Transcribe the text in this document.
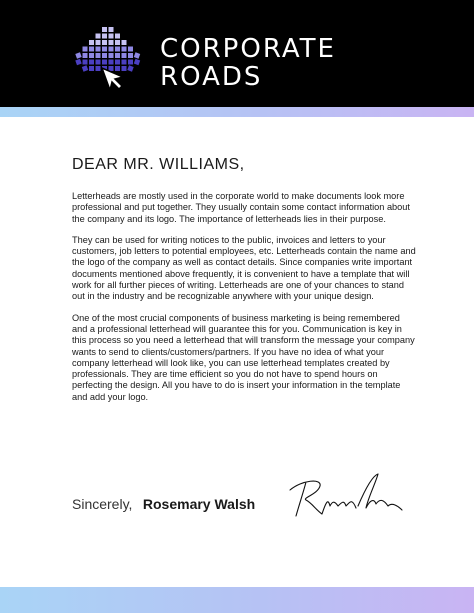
CORPORATE
ROADS
DEAR MR. WILLIAMS,

Letterheads are mostly used in the corporate world to make documents look more professional and put together. They usually contain some contact information about the company and its logo. The importance of letterheads lies in their purpose.

They can be used for writing notices to the public, invoices and letters to your customers, job letters to potential employees, etc. Letterheads contain the name and the logo of the company as well as contact details. Since companies write important documents mentioned above frequently, it is convenient to have a template that will work for all further pieces of writing. Letterheads are one of your chances to stand out in the industry and be recognizable anywhere with your unique design.

One of the most crucial components of business marketing is being remembered and a professional letterhead will guarantee this for you. Communication is key in this process so you need a letterhead that will transform the message your company wants to send to clients/customers/partners. If you have no idea of what your company letterhead will look like, you can use letterhead templates created by professionals. They are time efficient so you do not have to spend hours on perfecting the design. All you have to do is insert your information in the template and add your logo.

Sincerely, Rosemary Walsh
